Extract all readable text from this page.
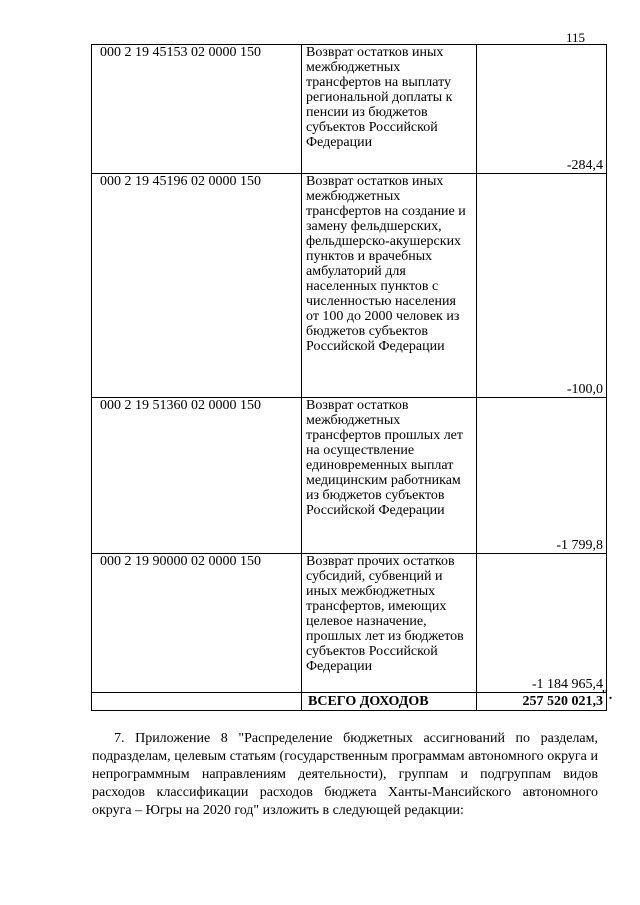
115
000 2 19 45153 02 0000 150	Возврат остатков иных межбюджетных трансфертов на выплату региональной доплаты к пенсии из бюджетов субъектов Российской Федерации	-284,4
000 2 19 45196 02 0000 150	Возврат остатков иных межбюджетных трансфертов на создание и замену фельдшерских, фельдшерско-акушерских пунктов и врачебных амбулаторий для населенных пунктов с численностью населения от 100 до 2000 человек из бюджетов субъектов Российской Федерации	-100,0
000 2 19 51360 02 0000 150	Возврат остатков межбюджетных трансфертов прошлых лет на осуществление единовременных выплат медицинским работникам из бюджетов субъектов Российской Федерации	-1 799,8
000 2 19 90000 02 0000 150	Возврат прочих остатков субсидий, субвенций и иных межбюджетных трансфертов, имеющих целевое назначение, прошлых лет из бюджетов субъектов Российской Федерации	-1 184 965,4
	ВСЕГО ДОХОДОВ	257 520 021,3
".

7. Приложение 8 "Распределение бюджетных ассигнований по разделам, подразделам, целевым статьям (государственным программам автономного округа и непрограммным направлениям деятельности), группам и подгруппам видов расходов классификации расходов бюджета Ханты-Мансийского автономного округа – Югры на 2020 год" изложить в следующей редакции:
